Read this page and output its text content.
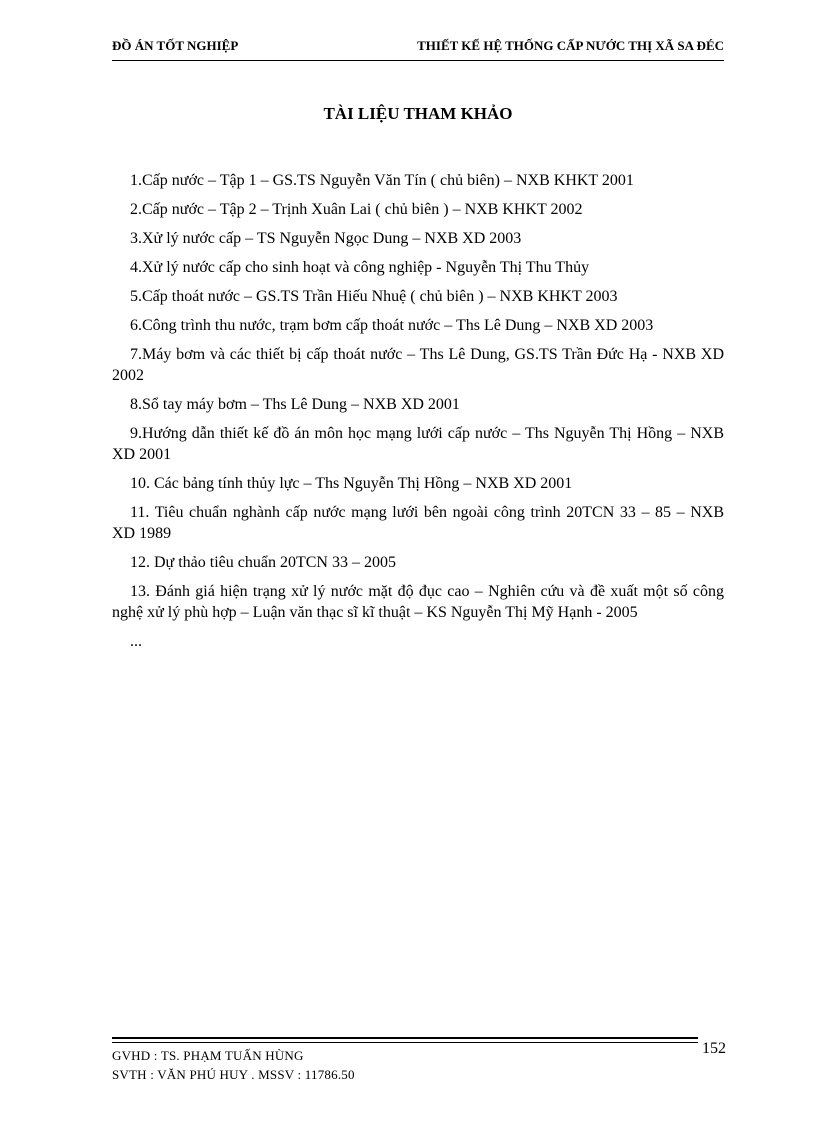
ĐỒ ÁN TỐT NGHIỆP	THIẾT KẾ HỆ THỐNG CẤP NƯỚC THỊ XÃ SA ĐÉC
TÀI LIỆU THAM KHẢO

1.Cấp nước – Tập 1 – GS.TS Nguyễn Văn Tín ( chủ biên) – NXB KHKT 2001

2.Cấp nước – Tập 2 – Trịnh Xuân Lai ( chủ biên ) – NXB KHKT 2002

3.Xử lý nước cấp – TS Nguyễn Ngọc Dung – NXB XD 2003

4.Xử lý nước cấp cho sinh hoạt và công nghiệp - Nguyễn Thị Thu Thủy

5.Cấp thoát nước – GS.TS Trần Hiếu Nhuệ ( chủ biên ) – NXB KHKT 2003

6.Công trình thu nước, trạm bơm cấp thoát nước – Ths Lê Dung – NXB XD 2003

7.Máy bơm và các thiết bị cấp thoát nước – Ths Lê Dung, GS.TS Trần Đức Hạ - NXB XD 2002

8.Sổ tay máy bơm – Ths Lê Dung – NXB XD 2001

9.Hướng dẫn thiết kế đồ án môn học mạng lưới cấp nước – Ths Nguyễn Thị Hồng – NXB XD 2001

10. Các bảng tính thủy lực – Ths Nguyễn Thị Hồng – NXB XD 2001

11. Tiêu chuẩn nghành cấp nước mạng lưới bên ngoài công trình 20TCN 33 – 85 – NXB XD 1989

12. Dự thảo tiêu chuẩn 20TCN 33 – 2005

13. Đánh giá hiện trạng xử lý nước mặt độ đục cao – Nghiên cứu và đề xuất một số công nghệ xử lý phù hợp – Luận văn thạc sĩ kĩ thuật – KS Nguyễn Thị Mỹ Hạnh - 2005

...

152
GVHD : TS. PHẠM TUẤN HÙNG
SVTH : VĂN PHÚ HUY . MSSV : 11786.50
